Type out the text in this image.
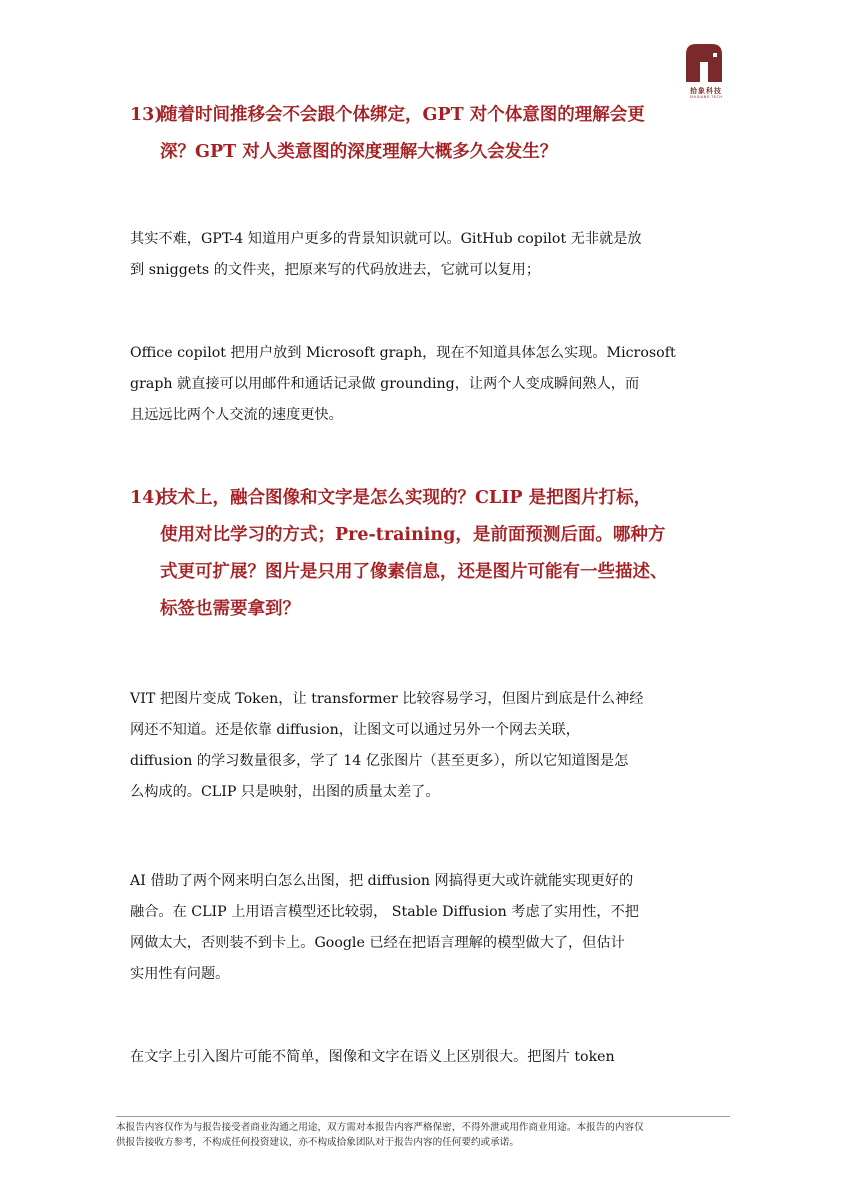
拾象科技
SHIXIANG TECH
13)随着时间推移会不会跟个体绑定，GPT 对个体意图的理解会更
深？GPT 对人类意图的深度理解大概多久会发生？
其实不难，GPT-4 知道用户更多的背景知识就可以。GitHub copilot 无非就是放
到 sniggets 的文件夹，把原来写的代码放进去，它就可以复用；
Office copilot 把用户放到 Microsoft graph，现在不知道具体怎么实现。Microsoft
graph 就直接可以用邮件和通话记录做 grounding，让两个人变成瞬间熟人，而
且远远比两个人交流的速度更快。
14)技术上，融合图像和文字是怎么实现的？CLIP 是把图片打标，
使用对比学习的方式；Pre-training，是前面预测后面。哪种方
式更可扩展？图片是只用了像素信息，还是图片可能有一些描述、
标签也需要拿到？
VIT 把图片变成 Token，让 transformer 比较容易学习，但图片到底是什么神经
网还不知道。还是依靠 diffusion，让图文可以通过另外一个网去关联，
diffusion 的学习数量很多，学了 14 亿张图片（甚至更多），所以它知道图是怎
么构成的。CLIP 只是映射，出图的质量太差了。
AI 借助了两个网来明白怎么出图，把 diffusion 网搞得更大或许就能实现更好的
融合。在 CLIP 上用语言模型还比较弱， Stable Diffusion 考虑了实用性，不把
网做太大，否则装不到卡上。Google 已经在把语言理解的模型做大了，但估计
实用性有问题。
在文字上引入图片可能不简单，图像和文字在语义上区别很大。把图片 token
本报告内容仅作为与报告接受者商业沟通之用途，双方需对本报告内容严格保密，不得外泄或用作商业用途。本报告的内容仅
供报告接收方参考，不构成任何投资建议，亦不构成拾象团队对于报告内容的任何要约或承诺。
